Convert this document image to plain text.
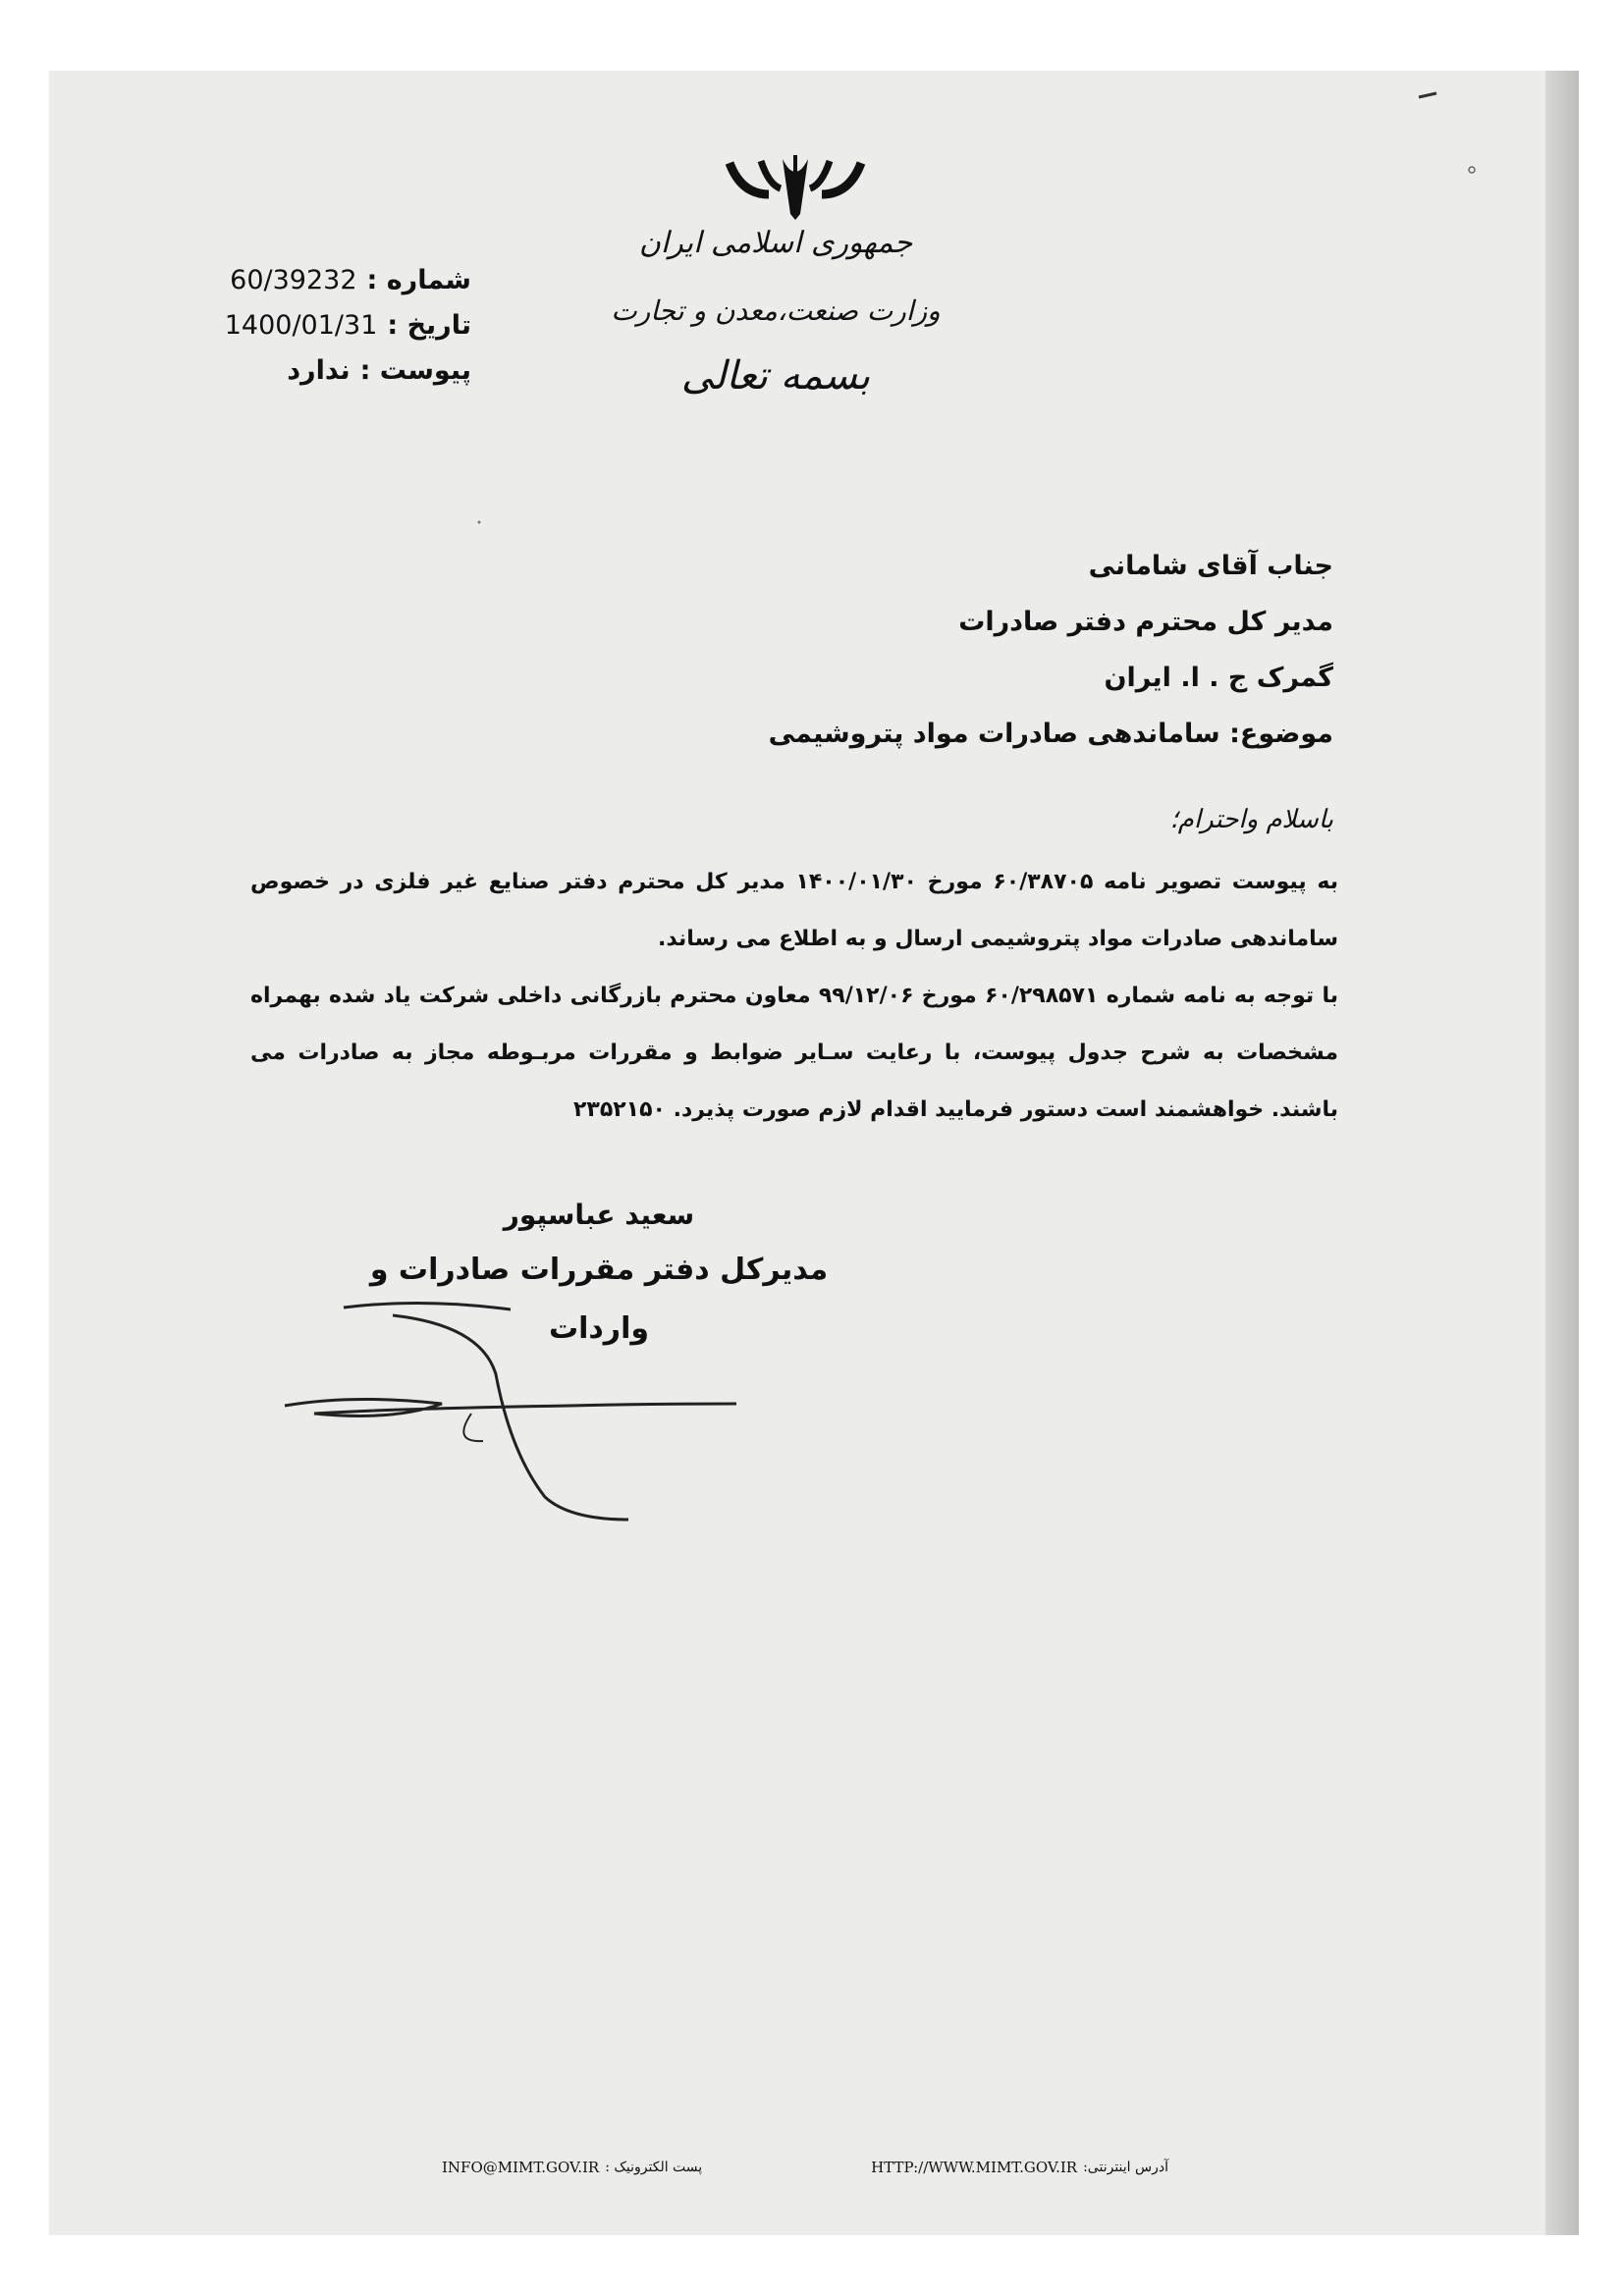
جمهوری اسلامی ایران
وزارت صنعت،معدن و تجارت
بسمه تعالی
شماره :
60/39232
تاریخ :
1400/01/31
پیوست :
ندارد
جناب آقای شامانی
مدیر کل محترم دفتر صادرات
گمرک ج . ا. ایران
موضوع: ساماندهی صادرات مواد پتروشیمی
باسلام واحترام؛

به پیوست تصویر نامه ۶۰/۳۸۷۰۵ مورخ ۱۴۰۰/۰۱/۳۰ مدیر کل محترم دفتر صنایع غیر فلزی در خصوص ساماندهی صادرات مواد پتروشیمی ارسال و به اطلاع می رساند.

با توجه به نامه شماره ۶۰/۲۹۸۵۷۱ مورخ ۹۹/۱۲/۰۶ معاون محترم بازرگانی داخلی شرکت یاد شده بهمراه مشخصات به شرح جدول پیوست، با رعایت سـایر ضوابط و مقررات مربـوطه مجاز به صادرات می باشند. خواهشمند است دستور فرمایید اقدام لازم صورت پذیرد. ۲۳۵۲۱۵۰

سعید عباسپور
مدیرکل دفتر مقررات صادرات و واردات
آدرس اینترنتی:
HTTP://WWW.MIMT.GOV.IR
پست الکترونیک :
INFO@MIMT.GOV.IR
